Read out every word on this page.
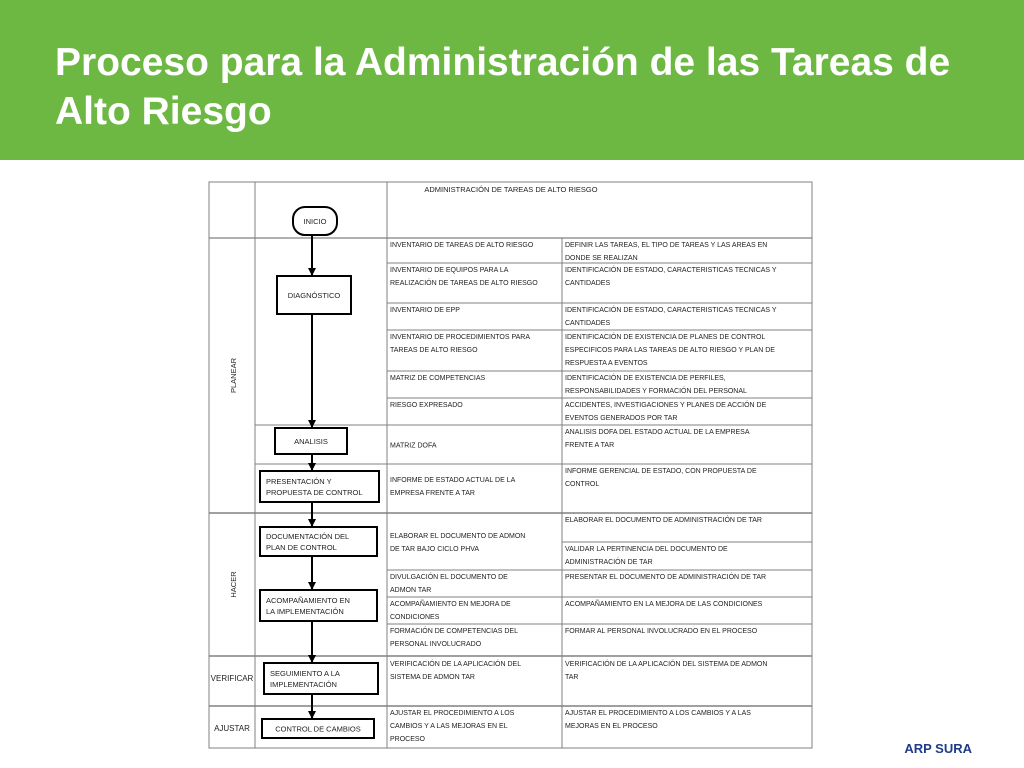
Proceso para la Administración de las Tareas de Alto Riesgo
ADMINISTRACIÓN DE TAREAS DE ALTO RIESGO
PLANEAR
HACER
VERIFICAR
AJUSTAR
INICIO
DIAGNÓSTICO
ANALISIS
PRESENTACIÓN Y PROPUESTA DE CONTROL
DOCUMENTACIÓN DEL PLAN DE CONTROL
ACOMPAÑAMIENTO EN LA IMPLEMENTACIÓN
SEGUIMIENTO A LA IMPLEMENTACIÓN
CONTROL DE CAMBIOS
INVENTARIO DE TAREAS DE ALTO RIESGO
INVENTARIO DE EQUIPOS PARA LA REALIZACIÓN DE TAREAS DE ALTO RIESGO
INVENTARIO DE EPP
INVENTARIO DE PROCEDIMIENTOS PARA TAREAS DE ALTO RIESGO
MATRIZ DE COMPETENCIAS
RIESGO EXPRESADO
MATRIZ DOFA
INFORME DE ESTADO ACTUAL DE LA EMPRESA FRENTE A TAR
ELABORAR EL DOCUMENTO DE ADMON DE TAR BAJO CICLO PHVA
DIVULGACIÓN EL DOCUMENTO DE ADMON TAR
ACOMPAÑAMIENTO EN MEJORA DE CONDICIONES
FORMACIÓN DE COMPETENCIAS DEL PERSONAL INVOLUCRADO
VERIFICACIÓN DE LA APLICACIÓN DEL SISTEMA DE ADMON TAR
AJUSTAR EL PROCEDIMIENTO A LOS CAMBIOS Y A LAS MEJORAS EN EL PROCESO
DEFINIR LAS TAREAS, EL TIPO DE TAREAS Y LAS AREAS EN DONDE SE REALIZAN
IDENTIFICACIÓN DE ESTADO, CARACTERISTICAS TECNICAS Y CANTIDADES
IDENTIFICACIÓN DE ESTADO, CARACTERISTICAS TECNICAS Y CANTIDADES
IDENTIFICACIÓN DE EXISTENCIA DE PLANES DE CONTROL ESPECIFICOS PARA LAS TAREAS DE ALTO RIESGO Y PLAN DE RESPUESTA A EVENTOS
IDENTIFICACIÓN DE EXISTENCIA DE PERFILES, RESPONSABILIDADES Y FORMACIÓN DEL PERSONAL
ACCIDENTES, INVESTIGACIONES Y PLANES DE ACCIÓN DE EVENTOS GENERADOS POR TAR
ANALISIS DOFA DEL ESTADO ACTUAL DE LA EMPRESA FRENTE A TAR
INFORME GERENCIAL DE ESTADO, CON PROPUESTA DE CONTROL
ELABORAR EL DOCUMENTO DE ADMINISTRACIÓN DE TAR
VALIDAR LA PERTINENCIA DEL DOCUMENTO DE ADMINISTRACIÓN DE TAR
PRESENTAR EL DOCUMENTO DE ADMINISTRACIÓN DE TAR
ACOMPAÑAMIENTO EN LA MEJORA DE LAS CONDICIONES
FORMAR AL PERSONAL INVOLUCRADO EN EL PROCESO
VERIFICACIÓN DE LA APLICACIÓN DEL SISTEMA DE ADMON TAR
AJUSTAR EL PROCEDIMIENTO A LOS CAMBIOS Y A LAS MEJORAS EN EL PROCESO
ARP SURA
